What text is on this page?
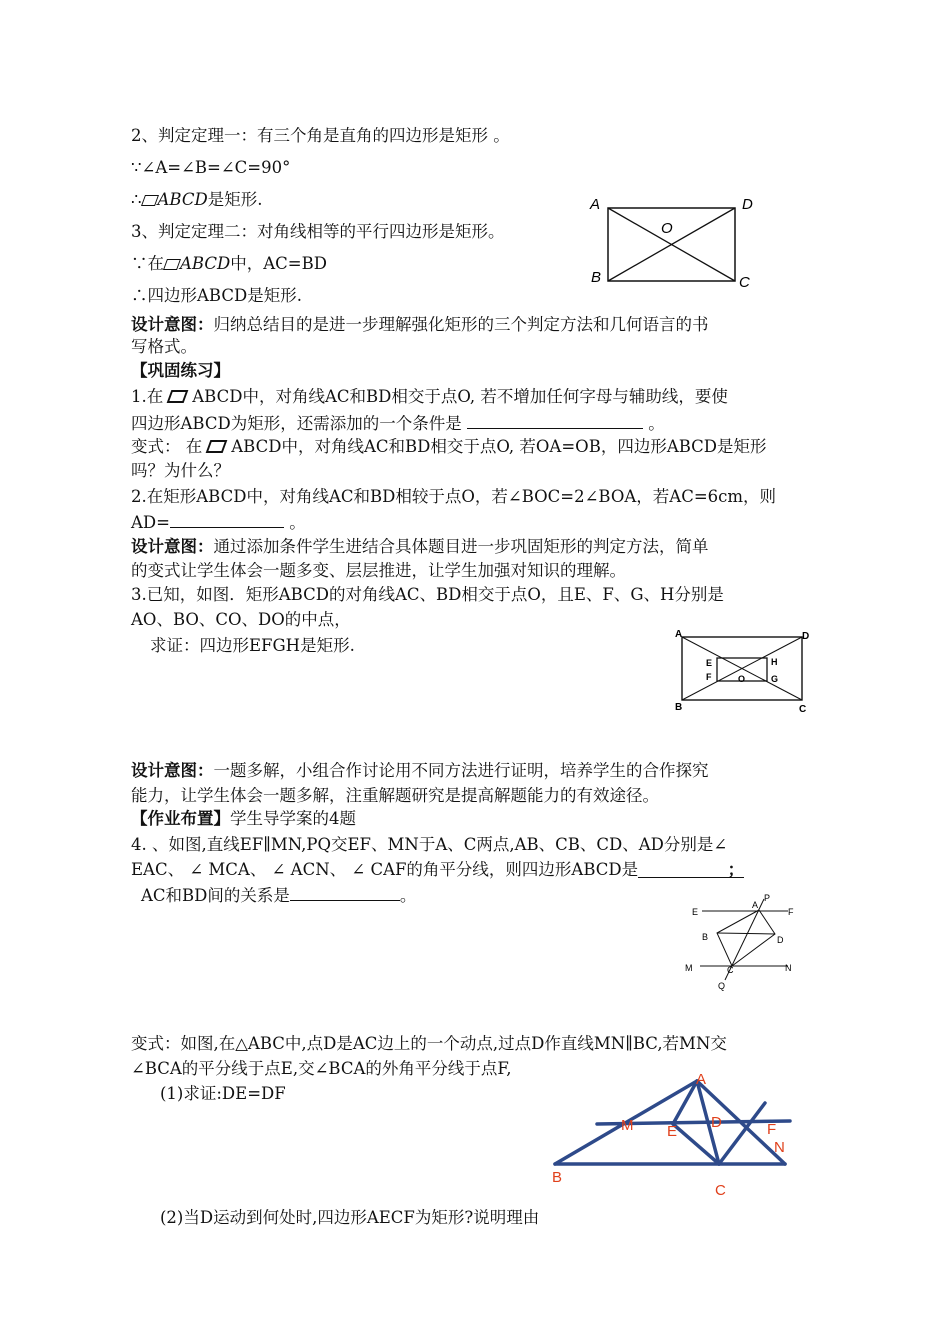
2、判定定理一：有三个角是直角的四边形是矩形 。
∵∠A=∠B=∠C=90°
∴ ABCD是矩形.
3、判定定理二：对角线相等的平行四边形是矩形。
∵在 ABCD中，AC=BD
∴四边形ABCD是矩形.
设计意图：归纳总结目的是进一步理解强化矩形的三个判定方法和几何语言的书
写格式。
【巩固练习】
1.在 ABCD中，对角线AC和BD相交于点O, 若不增加任何字母与辅助线，要使
四边形ABCD为矩形，还需添加的一个条件是	。
变式： 在 ABCD中，对角线AC和BD相交于点O, 若OA=OB，四边形ABCD是矩形
吗？为什么？
2.在矩形ABCD中，对角线AC和BD相较于点O，若∠BOC=2∠BOA，若AC=6cm，则
AD=	。
设计意图：通过添加条件学生进结合具体题目进一步巩固矩形的判定方法，简单
的变式让学生体会一题多变、层层推进，让学生加强对知识的理解。
3.已知，如图．矩形ABCD的对角线AC、BD相交于点O，且E、F、G、H分别是
AO、BO、CO、DO的中点，
求证：四边形EFGH是矩形.
设计意图：一题多解，小组合作讨论用不同方法进行证明，培养学生的合作探究
能力，让学生体会一题多解，注重解题研究是提高解题能力的有效途径。
【作业布置】学生导学案的4题
4. 、如图,直线EF∥MN,PQ交EF、MN于A、C两点,AB、CB、CD、AD分别是∠
EAC、 ∠ MCA、 ∠ ACN、 ∠ CAF的角平分线，则四边形ABCD是	；
AC和BD间的关系是	。
变式：如图,在△ABC中,点D是AC边上的一个动点,过点D作直线MN∥BC,若MN交
∠BCA的平分线于点E,交∠BCA的外角平分线于点F,
(1)求证:DE=DF
(2)当D运动到何处时,四边形AECF为矩形?说明理由
A	D
O
B	C
A	D
E	H
F	O	G
B	C
E
A
P
F
B	D
M	C	N
Q
A
M E
D	F
N
B
C
